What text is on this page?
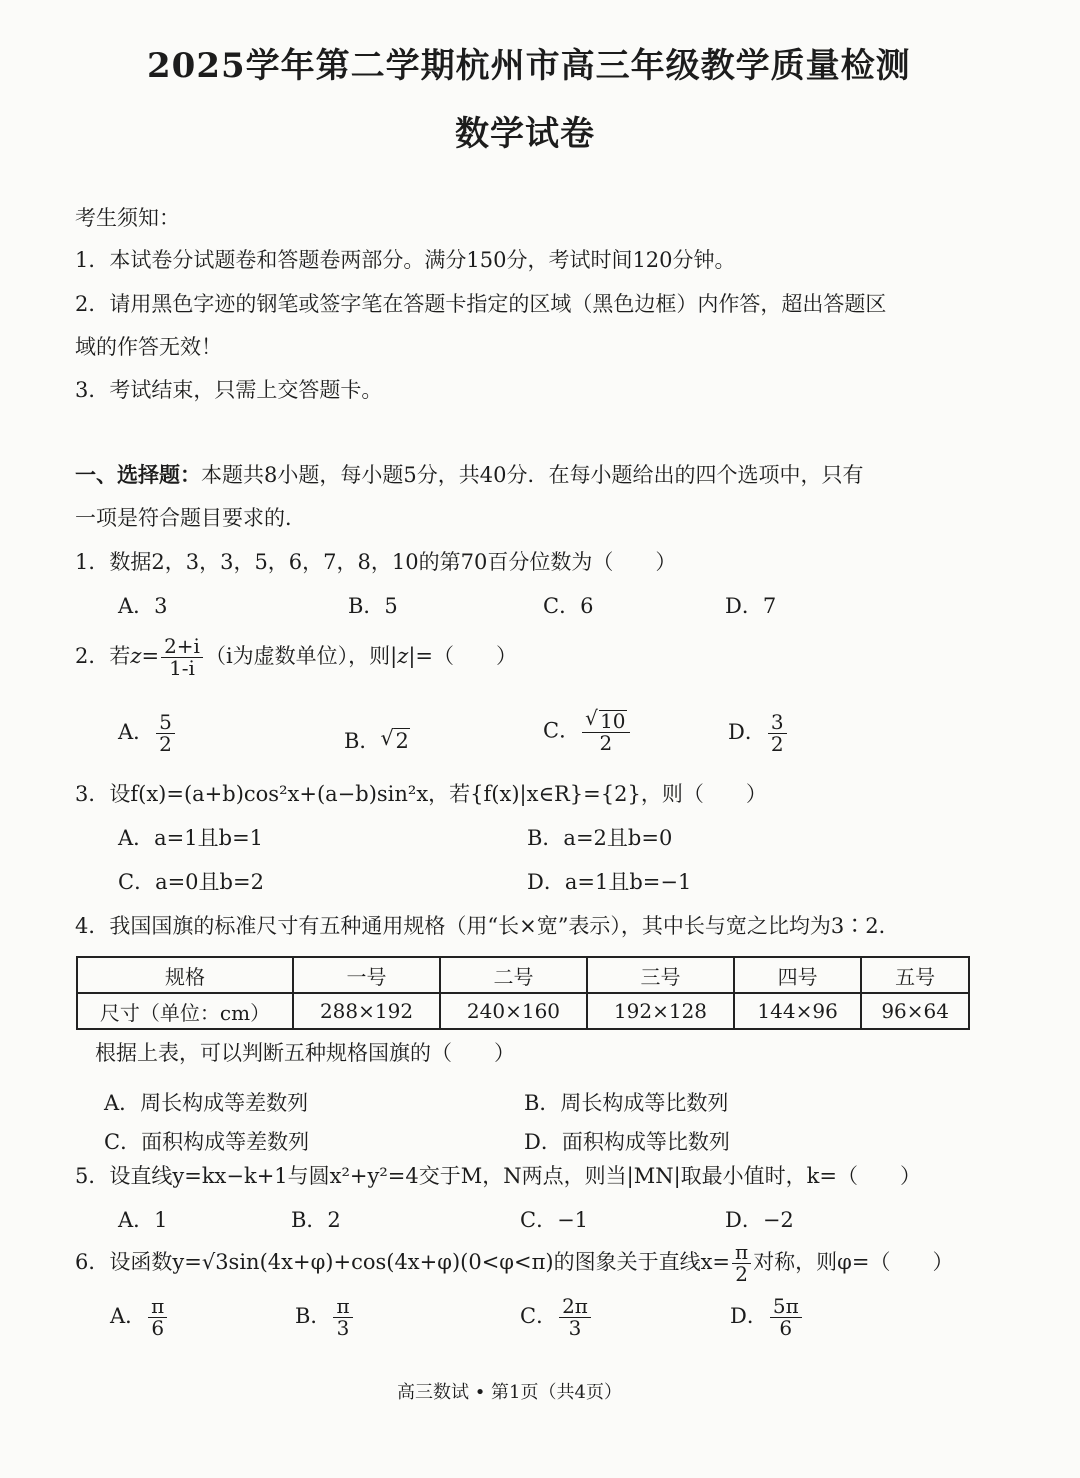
2025学年第二学期杭州市高三年级教学质量检测
数学试卷
考生须知：
1．本试卷分试题卷和答题卷两部分。满分150分，考试时间120分钟。
2．请用黑色字迹的钢笔或签字笔在答题卡指定的区域（黑色边框）内作答，超出答题区
域的作答无效！
3．考试结束，只需上交答题卡。
一、选择题：本题共8小题，每小题5分，共40分．在每小题给出的四个选项中，只有
一项是符合题目要求的．
1．数据2，3，3，5，6，7，8，10的第70百分位数为（　　）
A．3	B．5	C．6	D．7
2．若$z= \frac{2+i}{1-i} (i$为虚数单位），则|z|=（　　）
A． $\frac{5}{2}$	B． √ 2	C． √ $\frac{10}{2}$	D． $\frac{3}{2}$
3．设f(x)=(a+b)cos²x+(a−b)sin²x，若{f(x)|x∈R}={2}，则（　　）
A．a=1且b=1	B．a=2且b=0
C．a=0且b=2	D．a=1且b=−1
4．我国国旗的标准尺寸有五种通用规格（用“长×宽”表示），其中长与宽之比均为3∶2．
规格	一号	二号	三号	四号	五号
尺寸（单位：cm）	288×192	240×160	192×128	144×96	96×64
根据上表，可以判断五种规格国旗的（　　）
A．周长构成等差数列	B．周长构成等比数列
C．面积构成等差数列	D．面积构成等比数列
5．设直线y=kx−k+1与圆x²+y²=4交于M，N两点，则当|MN|取最小值时，k=（　　）
A．1	B．2	C．−1	D．−2
6．设函数y=√3sin(4x+φ)+cos(4x+φ)(0<φ<π)的图象关于直线$x= \frac{\pi}{2}$ 对称，则φ=（　　）
A． $\frac{\pi}{6}$	B． $\frac{\pi}{3}$	C． $\frac{2\pi}{3}$	D． $\frac{5\pi}{6}$
高三数试 • 第1页（共4页）
